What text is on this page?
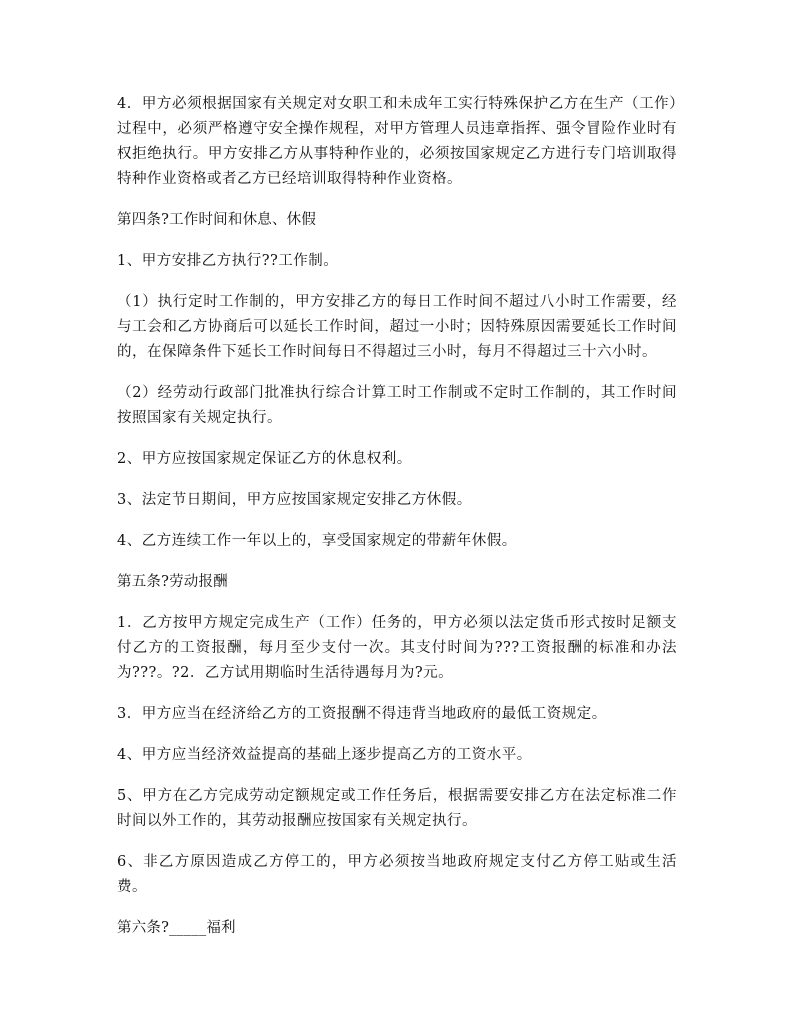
4．甲方必须根据国家有关规定对女职工和未成年工实行特殊保护乙方在生产（工作）过程中，必须严格遵守安全操作规程，对甲方管理人员违章指挥、强令冒险作业时有权拒绝执行。甲方安排乙方从事特种作业的，必须按国家规定乙方进行专门培训取得特种作业资格或者乙方已经培训取得特种作业资格。

第四条?工作时间和休息、休假

1、甲方安排乙方执行??工作制。

（1）执行定时工作制的，甲方安排乙方的每日工作时间不超过八小时工作需要，经与工会和乙方协商后可以延长工作时间，超过一小时；因特殊原因需要延长工作时间的，在保障条件下延长工作时间每日不得超过三小时，每月不得超过三十六小时。

（2）经劳动行政部门批准执行综合计算工时工作制或不定时工作制的，其工作时间按照国家有关规定执行。

2、甲方应按国家规定保证乙方的休息权利。

3、法定节日期间，甲方应按国家规定安排乙方休假。

4、乙方连续工作一年以上的，享受国家规定的带薪年休假。

第五条?劳动报酬

1．乙方按甲方规定完成生产（工作）任务的，甲方必须以法定货币形式按时足额支付乙方的工资报酬，每月至少支付一次。其支付时间为???工资报酬的标准和办法为???。?2．乙方试用期临时生活待遇每月为?元。

3．甲方应当在经济给乙方的工资报酬不得违背当地政府的最低工资规定。

4、甲方应当经济效益提高的基础上逐步提高乙方的工资水平。

5、甲方在乙方完成劳动定额规定或工作任务后，根据需要安排乙方在法定标准二作时间以外工作的，其劳动报酬应按国家有关规定执行。

6、非乙方原因造成乙方停工的，甲方必须按当地政府规定支付乙方停工贴或生活费。

第六条?_____福利
